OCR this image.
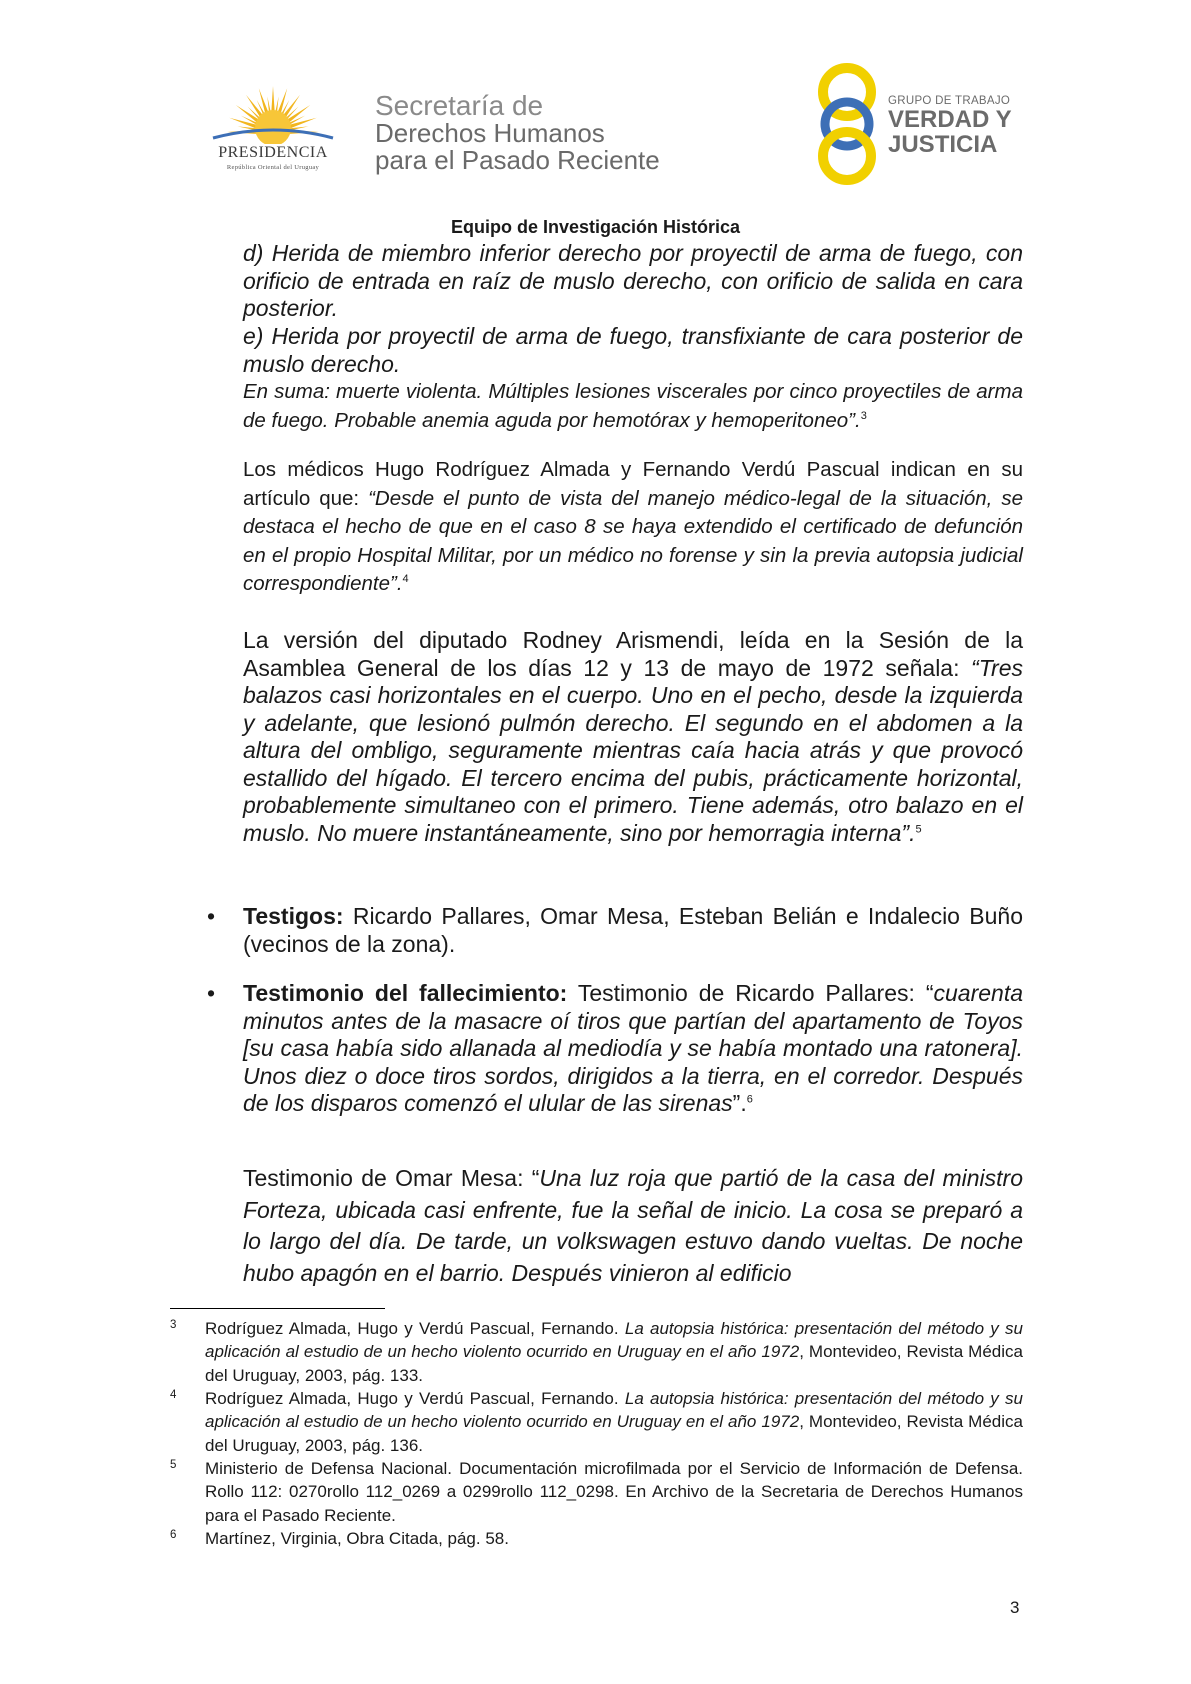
PRESIDENCIA
República Oriental del Uruguay
Secretaría de
Derechos Humanos
para el Pasado Reciente
GRUPO DE TRABAJO
VERDAD Y
JUSTICIA
Equipo de Investigación Histórica
d) Herida de miembro inferior derecho por proyectil de arma de fuego, con orificio de entrada en raíz de muslo derecho, con orificio de salida en cara posterior.
e) Herida por proyectil de arma de fuego, transfixiante de cara posterior de muslo derecho.
En suma: muerte violenta. Múltiples lesiones viscerales por cinco proyectiles de arma de fuego. Probable anemia aguda por hemotórax y hemoperitoneo”.$^3$
Los médicos Hugo Rodríguez Almada y Fernando Verdú Pascual indican en su artículo que: “Desde el punto de vista del manejo médico-legal de la situación, se destaca el hecho de que en el caso 8 se haya extendido el certificado de defunción en el propio Hospital Militar, por un médico no forense y sin la previa autopsia judicial correspondiente”.$^4$
La versión del diputado Rodney Arismendi, leída en la Sesión de la Asamblea General de los días 12 y 13 de mayo de 1972 señala: “Tres balazos casi horizontales en el cuerpo. Uno en el pecho, desde la izquierda y adelante, que lesionó pulmón derecho. El segundo en el abdomen a la altura del ombligo, seguramente mientras caía hacia atrás y que provocó estallido del hígado. El tercero encima del pubis, prácticamente horizontal, probablemente simultaneo con el primero. Tiene además, otro balazo en el muslo. No muere instantáneamente, sino por hemorragia interna”.$^5$
• Testigos: Ricardo Pallares, Omar Mesa, Esteban Belián e Indalecio Buño (vecinos de la zona).
• Testimonio del fallecimiento: Testimonio de Ricardo Pallares: “cuarenta minutos antes de la masacre oí tiros que partían del apartamento de Toyos [su casa había sido allanada al mediodía y se había montado una ratonera]. Unos diez o doce tiros sordos, dirigidos a la tierra, en el corredor. Después de los disparos comenzó el ulular de las sirenas”.$^6$
Testimonio de Omar Mesa: “Una luz roja que partió de la casa del ministro Forteza, ubicada casi enfrente, fue la señal de inicio. La cosa se preparó a lo largo del día. De tarde, un volkswagen estuvo dando vueltas. De noche hubo apagón en el barrio. Después vinieron al edificio
3 Rodríguez Almada, Hugo y Verdú Pascual, Fernando. La autopsia histórica: presentación del método y su aplicación al estudio de un hecho violento ocurrido en Uruguay en el año 1972, Montevideo, Revista Médica del Uruguay, 2003, pág. 133.
4 Rodríguez Almada, Hugo y Verdú Pascual, Fernando. La autopsia histórica: presentación del método y su aplicación al estudio de un hecho violento ocurrido en Uruguay en el año 1972, Montevideo, Revista Médica del Uruguay, 2003, pág. 136.
5 Ministerio de Defensa Nacional. Documentación microfilmada por el Servicio de Información de Defensa. Rollo 112: 0270rollo 112_0269 a 0299rollo 112_0298. En Archivo de la Secretaria de Derechos Humanos para el Pasado Reciente.
6 Martínez, Virginia, Obra Citada, pág. 58.
3
